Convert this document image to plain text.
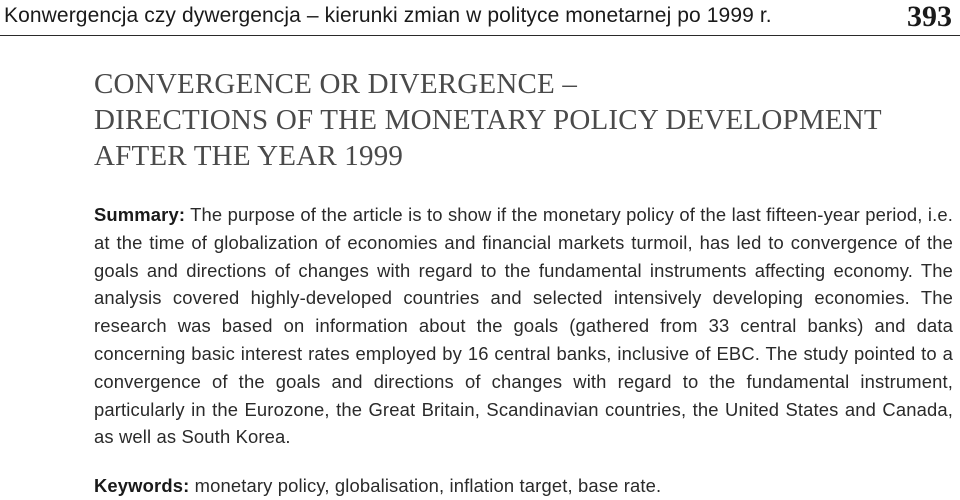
Konwergencja czy dywergencja – kierunki zmian w polityce monetarnej po 1999 r.	393
CONVERGENCE OR DIVERGENCE –
DIRECTIONS OF THE MONETARY POLICY DEVELOPMENT
AFTER THE YEAR 1999
Summary: The purpose of the article is to show if the monetary policy of the last fifteen-year period, i.e. at the time of globalization of economies and financial markets turmoil, has led to convergence of the goals and directions of changes with regard to the fundamental instruments affecting economy. The analysis covered highly-developed countries and selected intensively developing economies. The research was based on information about the goals (gathered from 33 central banks) and data concerning basic interest rates employed by 16 central banks, inclusive of EBC. The study pointed to a convergence of the goals and directions of changes with regard to the fundamental instrument, particularly in the Eurozone, the Great Britain, Scandinavian countries, the United States and Canada, as well as South Korea.
Keywords: monetary policy, globalisation, inflation target, base rate.
